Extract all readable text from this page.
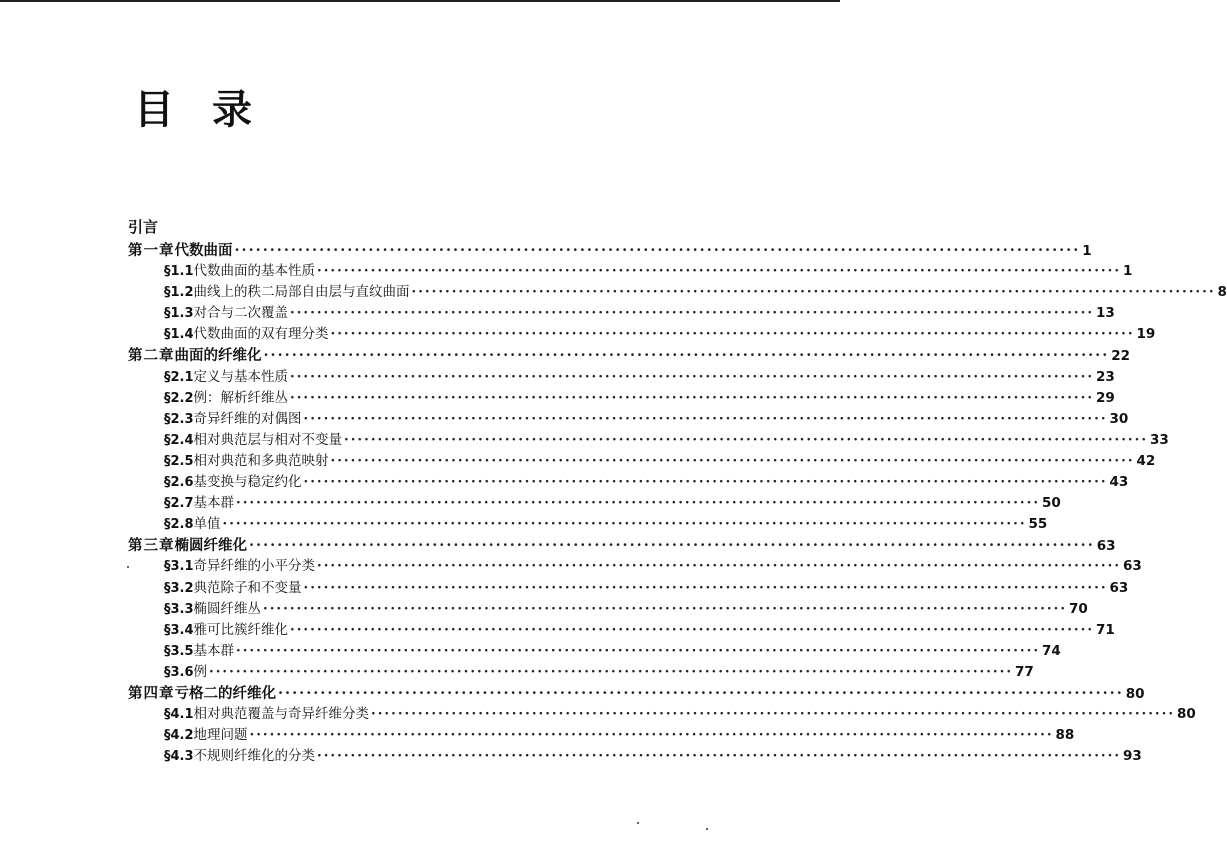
目 录
引言
第一章 代数曲面 ························································································································ 1
§1.1 代数曲面的基本性质 ························································································································ 1
§1.2 曲线上的秩二局部自由层与直纹曲面 ························································································································ 8
§1.3 对合与二次覆盖 ························································································································ 13
§1.4 代数曲面的双有理分类 ························································································································ 19
第二章 曲面的纤维化 ························································································································ 22
§2.1 定义与基本性质 ························································································································ 23
§2.2 例：解析纤维丛 ························································································································ 29
§2.3 奇异纤维的对偶图 ························································································································ 30
§2.4 相对典范层与相对不变量 ························································································································ 33
§2.5 相对典范和多典范映射 ························································································································ 42
§2.6 基变换与稳定约化 ························································································································ 43
§2.7 基本群 ························································································································ 50
§2.8 单值 ························································································································ 55
第三章 椭圆纤维化 ························································································································ 63
§3.1 奇异纤维的小平分类 ························································································································ 63
§3.2 典范除子和不变量 ························································································································ 63
§3.3 椭圆纤维丛 ························································································································ 70
§3.4 雅可比簇纤维化 ························································································································ 71
§3.5 基本群 ························································································································ 74
§3.6 例 ························································································································ 77
第四章 亏格二的纤维化 ························································································································ 80
§4.1 相对典范覆盖与奇异纤维分类 ························································································································ 80
§4.2 地理问题 ························································································································ 88
§4.3 不规则纤维化的分类 ························································································································ 93
